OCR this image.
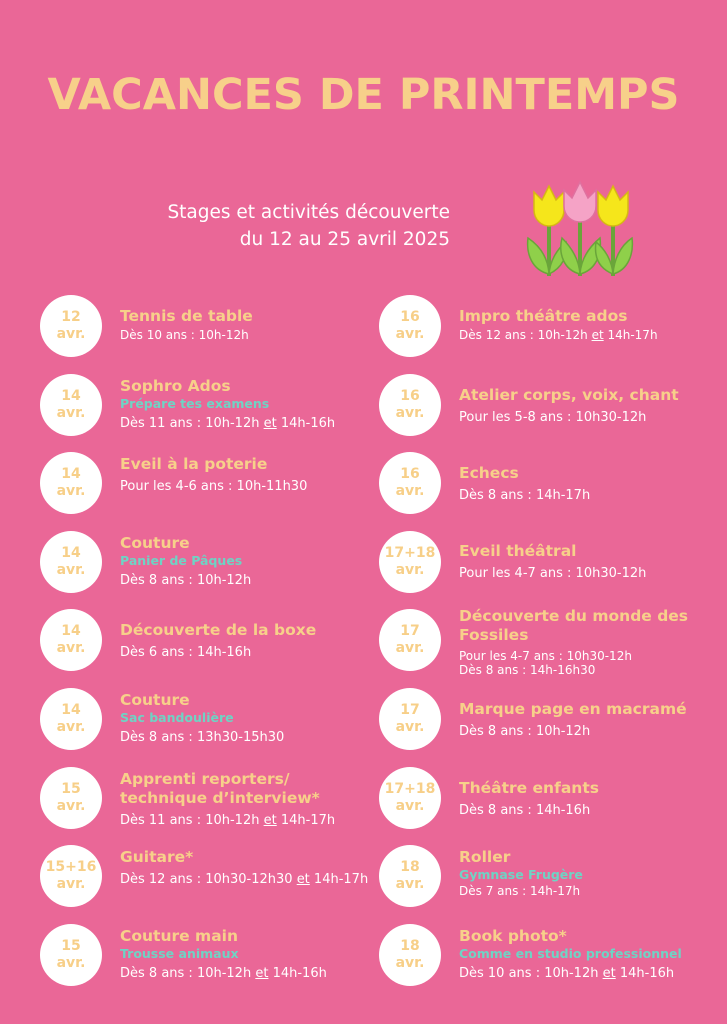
VACANCES DE PRINTEMPS
Stages et activités découverte
du 12 au 25 avril 2025
12
avr.
Tennis de table
Dès 10 ans : 10h-12h
14
avr.
Sophro Ados
Prépare tes examens
Dès 11 ans : 10h-12h et 14h-16h
14
avr.
Eveil à la poterie
Pour les 4-6 ans : 10h-11h30
14
avr.
Couture
Panier de Pâques
Dès 8 ans : 10h-12h
14
avr.
Découverte de la boxe
Dès 6 ans : 14h-16h
14
avr.
Couture
Sac bandoulière
Dès 8 ans : 13h30-15h30
15
avr.
Apprenti reporters/
technique d’interview*
Dès 11 ans : 10h-12h et 14h-17h
15+16
avr.
Guitare*
Dès 12 ans : 10h30-12h30 et 14h-17h
15
avr.
Couture main
Trousse animaux
Dès 8 ans : 10h-12h et 14h-16h
16
avr.
Impro théâtre ados
Dès 12 ans : 10h-12h et 14h-17h
16
avr.
Atelier corps, voix, chant
Pour les 5-8 ans : 10h30-12h
16
avr.
Echecs
Dès 8 ans : 14h-17h
17+18
avr.
Eveil théâtral
Pour les 4-7 ans : 10h30-12h
17
avr.
Découverte du monde des
Fossiles
Pour les 4-7 ans : 10h30-12h
Dès 8 ans : 14h-16h30
17
avr.
Marque page en macramé
Dès 8 ans : 10h-12h
17+18
avr.
Théâtre enfants
Dès 8 ans : 14h-16h
18
avr.
Roller
Gymnase Frugère
Dès 7 ans : 14h-17h
18
avr.
Book photo*
Comme en studio professionnel
Dès 10 ans : 10h-12h et 14h-16h
